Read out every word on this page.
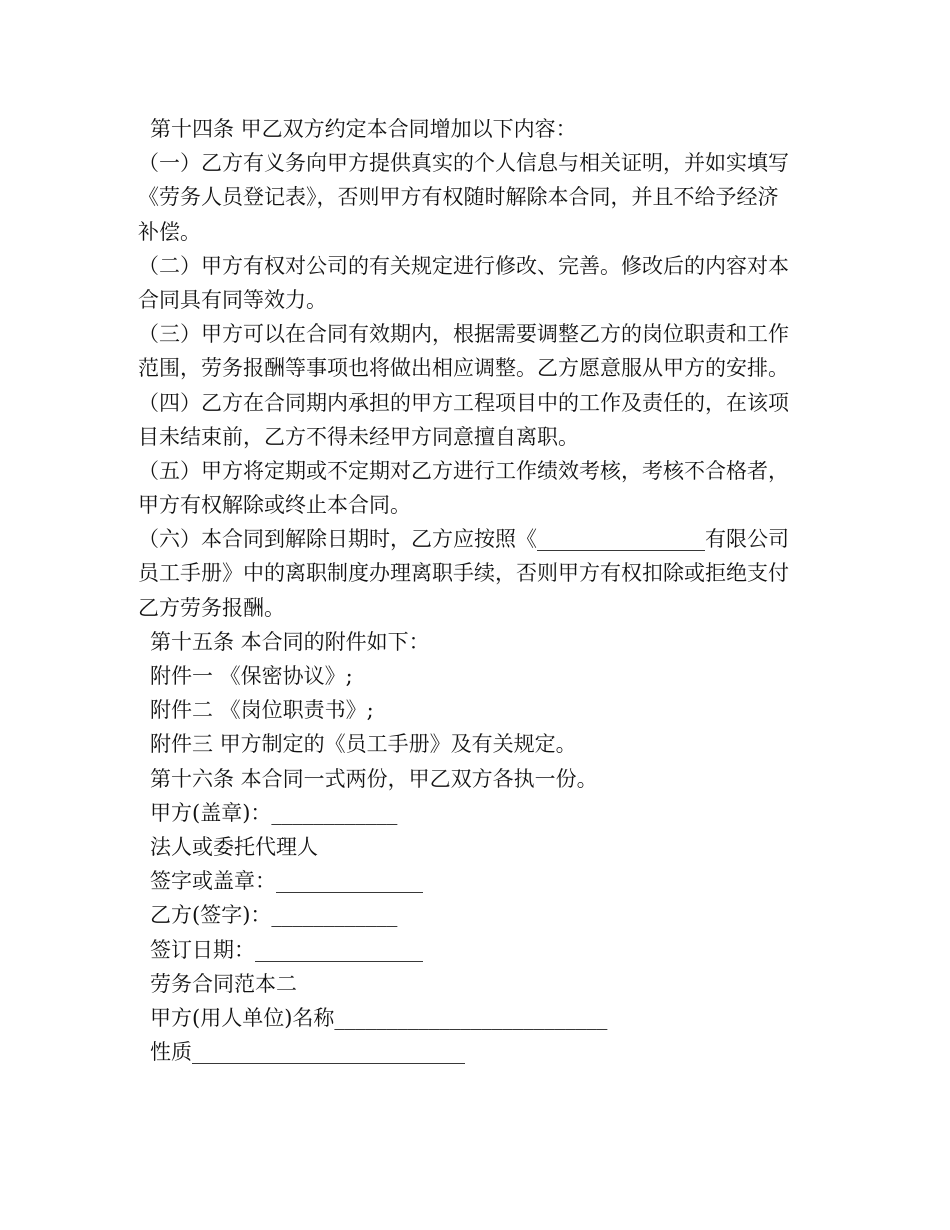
第十四条 甲乙双方约定本合同增加以下内容：
（一）乙方有义务向甲方提供真实的个人信息与相关证明，并如实填写
《劳务人员登记表》，否则甲方有权随时解除本合同，并且不给予经济
补偿。
（二）甲方有权对公司的有关规定进行修改、完善。修改后的内容对本
合同具有同等效力。
（三）甲方可以在合同有效期内，根据需要调整乙方的岗位职责和工作
范围，劳务报酬等事项也将做出相应调整。乙方愿意服从甲方的安排。
（四）乙方在合同期内承担的甲方工程项目中的工作及责任的，在该项
目未结束前，乙方不得未经甲方同意擅自离职。
（五）甲方将定期或不定期对乙方进行工作绩效考核，考核不合格者，
甲方有权解除或终止本合同。
（六）本合同到解除日期时，乙方应按照《________________有限公司
员工手册》中的离职制度办理离职手续，否则甲方有权扣除或拒绝支付
乙方劳务报酬。
第十五条 本合同的附件如下：
附件一 《保密协议》;
附件二 《岗位职责书》;
附件三 甲方制定的《员工手册》及有关规定。
第十六条 本合同一式两份，甲乙双方各执一份。
甲方(盖章)：____________
法人或委托代理人
签字或盖章：______________
乙方(签字)：____________
签订日期：________________
劳务合同范本二
甲方(用人单位)名称__________________________
性质__________________________
